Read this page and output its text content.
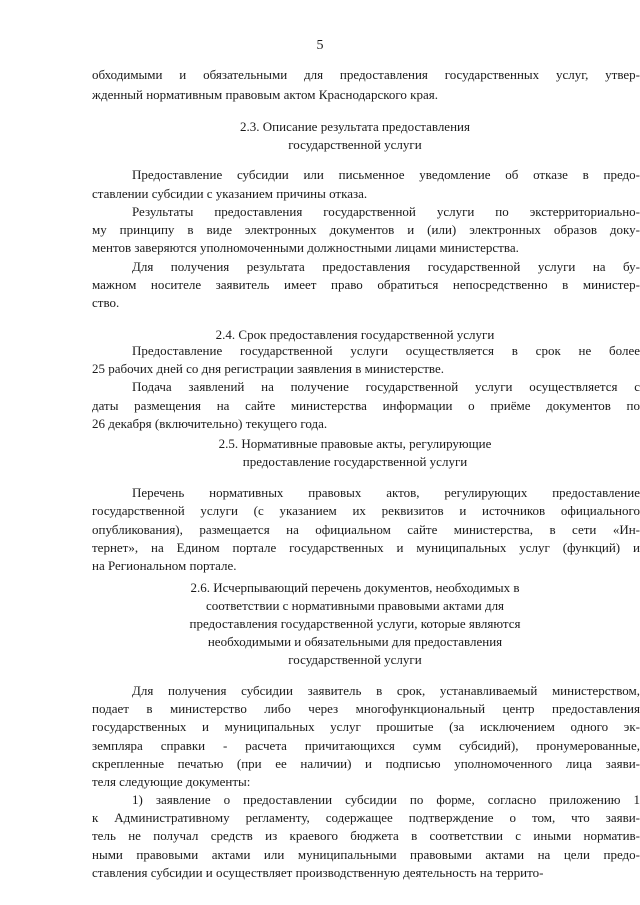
5
обходимыми и обязательными для предоставления государственных услуг, утвер-
жденный нормативным правовым актом Краснодарского края.
2.3. Описание результата предоставления
государственной услуги
Предоставление субсидии или письменное уведомление об отказе в предо-
ставлении субсидии с указанием причины отказа.
Результаты предоставления государственной услуги по экстерриториально-
му принципу в виде электронных документов и (или) электронных образов доку-
ментов заверяются уполномоченными должностными лицами министерства.
Для получения результата предоставления государственной услуги на бу-
мажном носителе заявитель имеет право обратиться непосредственно в министер-
ство.
2.4. Срок предоставления государственной услуги
Предоставление государственной услуги осуществляется в срок не более
25 рабочих дней со дня регистрации заявления в министерстве.
Подача заявлений на получение государственной услуги осуществляется с
даты размещения на сайте министерства информации о приёме документов по
26 декабря (включительно) текущего года.
2.5. Нормативные правовые акты, регулирующие
предоставление государственной услуги
Перечень нормативных правовых актов, регулирующих предоставление
государственной услуги (с указанием их реквизитов и источников официального
опубликования), размещается на официальном сайте министерства, в сети «Ин-
тернет», на Едином портале государственных и муниципальных услуг (функций) и
на Региональном портале.
2.6. Исчерпывающий перечень документов, необходимых в
соответствии с нормативными правовыми актами для
предоставления государственной услуги, которые являются
необходимыми и обязательными для предоставления
государственной услуги
Для получения субсидии заявитель в срок, устанавливаемый министерством,
подает в министерство либо через многофункциональный центр предоставления
государственных и муниципальных услуг прошитые (за исключением одного эк-
земпляра справки - расчета причитающихся сумм субсидий), пронумерованные,
скрепленные печатью (при ее наличии) и подписью уполномоченного лица заяви-
теля следующие документы:
1) заявление о предоставлении субсидии по форме, согласно приложению 1
к Административному регламенту, содержащее подтверждение о том, что заяви-
тель не получал средств из краевого бюджета в соответствии с иными норматив-
ными правовыми актами или муниципальными правовыми актами на цели предо-
ставления субсидии и осуществляет производственную деятельность на террито-
